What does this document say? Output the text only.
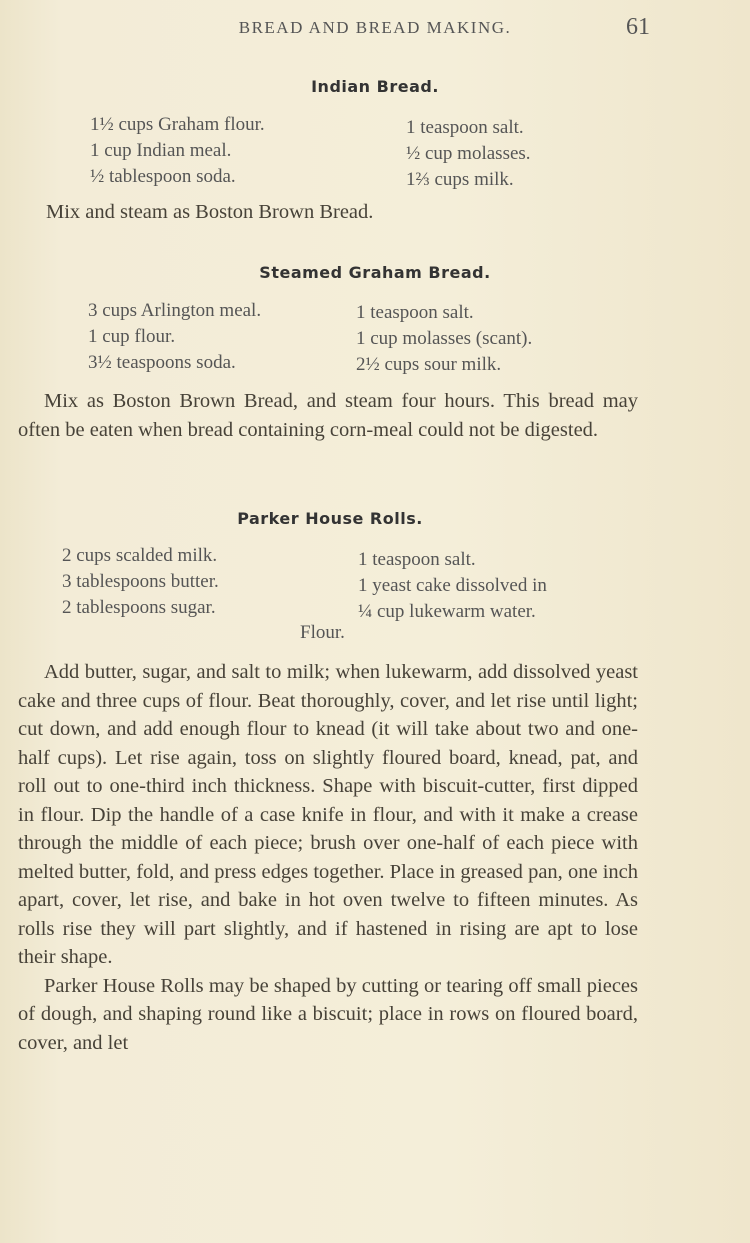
BREAD AND BREAD MAKING.	61
Indian Bread.
1½ cups Graham flour.
1 cup Indian meal.
½ tablespoon soda.
1 teaspoon salt.
½ cup molasses.
1⅔ cups milk.

Mix and steam as Boston Brown Bread.

Steamed Graham Bread.
3 cups Arlington meal.
1 cup flour.
3½ teaspoons soda.
1 teaspoon salt.
1 cup molasses (scant).
2½ cups sour milk.

Mix as Boston Brown Bread, and steam four hours. This bread may often be eaten when bread containing corn-meal could not be digested.

Parker House Rolls.
2 cups scalded milk.
3 tablespoons butter.
2 tablespoons sugar.
1 teaspoon salt.
1 yeast cake dissolved in
¼ cup lukewarm water.
Flour.

Add butter, sugar, and salt to milk; when lukewarm, add dissolved yeast cake and three cups of flour. Beat thoroughly, cover, and let rise until light; cut down, and add enough flour to knead (it will take about two and one-half cups). Let rise again, toss on slightly floured board, knead, pat, and roll out to one-third inch thickness. Shape with biscuit-cutter, first dipped in flour. Dip the handle of a case knife in flour, and with it make a crease through the middle of each piece; brush over one-half of each piece with melted butter, fold, and press edges together. Place in greased pan, one inch apart, cover, let rise, and bake in hot oven twelve to fifteen minutes. As rolls rise they will part slightly, and if hastened in rising are apt to lose their shape.

Parker House Rolls may be shaped by cutting or tearing off small pieces of dough, and shaping round like a biscuit; place in rows on floured board, cover, and let
